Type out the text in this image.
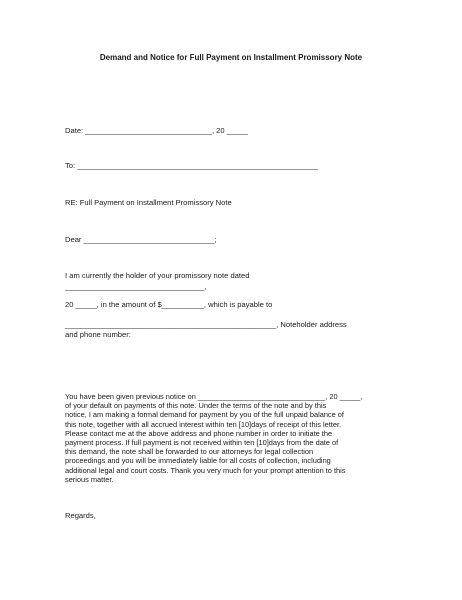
Demand and Notice for Full Payment on Installment Promissory Note
Date: ______________________________, 20 _____
To: _________________________________________________________
RE: Full Payment on Installment Promissory Note
Dear _______________________________;
I am currently the holder of your promissory note dated
_________________________________,
20 _____, in the amount of $__________, which is payable to
__________________________________________________, Noteholder address
and phone number:
You have been given previous notice on _______________________________, 20 _____,
of your default on payments of this note. Under the terms of the note and by this
notice, I am making a formal demand for payment by you of the full unpaid balance of
this note, together with all accrued interest within ten [10]days of receipt of this letter.
Please contact me at the above address and phone number in order to initiate the
payment process. If full payment is not received within ten [10]days from the date of
this demand, the note shall be forwarded to our attorneys for legal collection
proceedings and you will be immediately liable for all costs of collection, including
additional legal and court costs. Thank you very much for your prompt attention to this
serious matter.
Regards,
